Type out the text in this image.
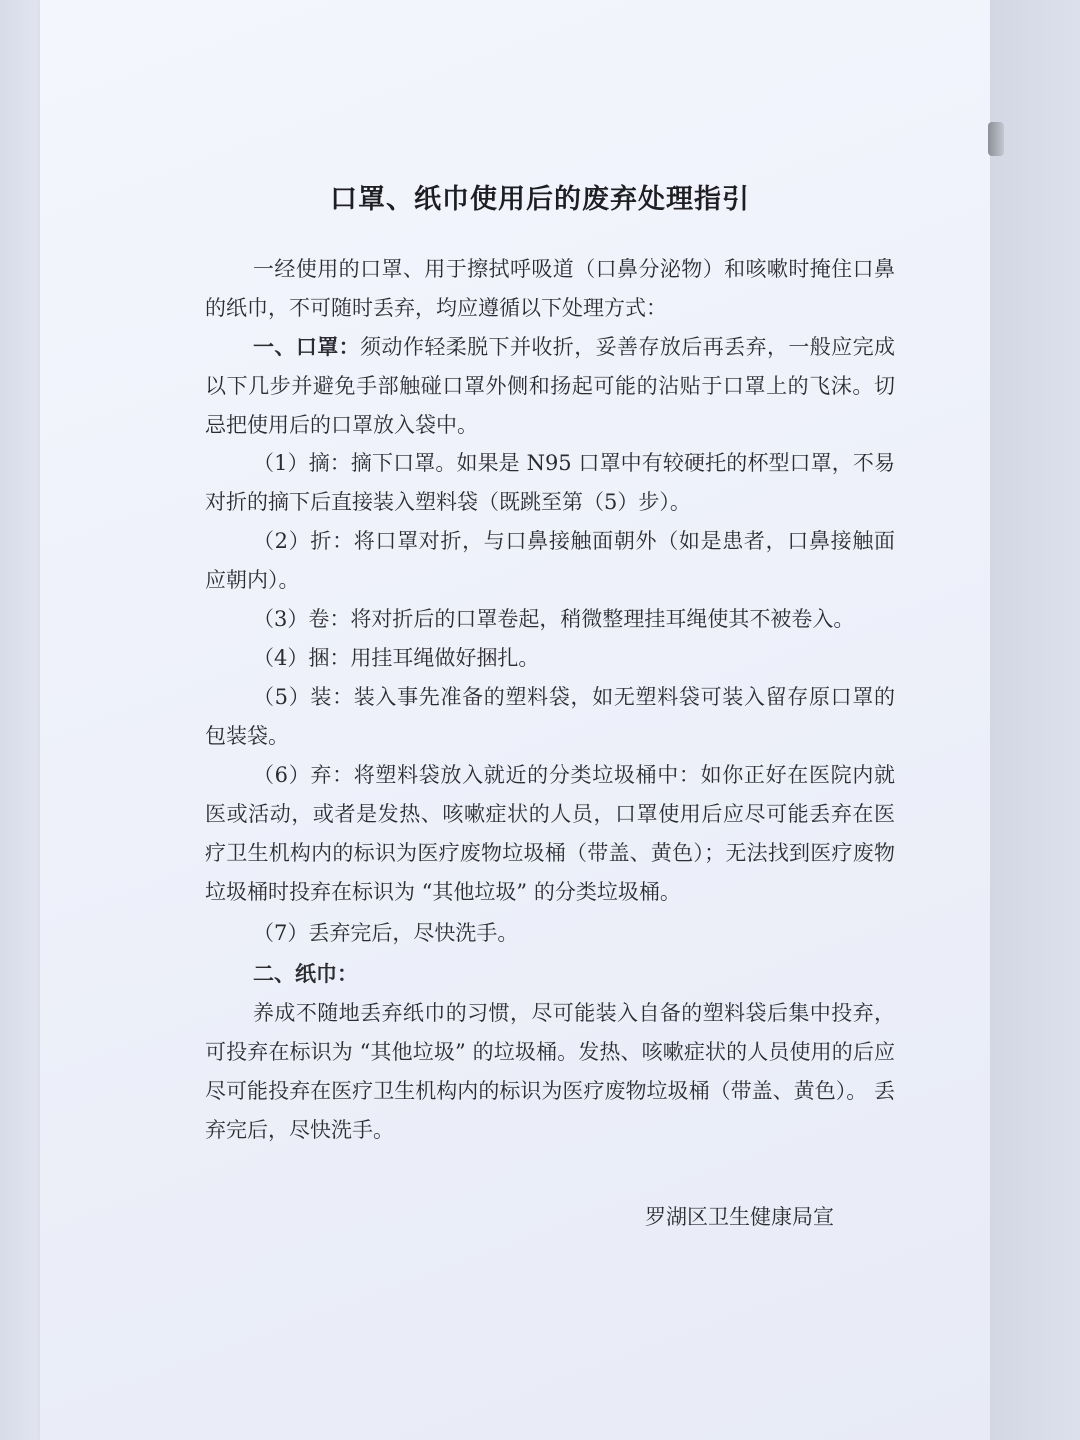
口罩、纸巾使用后的废弃处理指引
一经使用的口罩、用于擦拭呼吸道（口鼻分泌物）和咳嗽时掩住口鼻的纸巾，不可随时丢弃，均应遵循以下处理方式：
一、口罩：须动作轻柔脱下并收折，妥善存放后再丢弃，一般应完成以下几步并避免手部触碰口罩外侧和扬起可能的沾贴于口罩上的飞沫。切忌把使用后的口罩放入袋中。
（1）摘：摘下口罩。如果是 N95 口罩中有较硬托的杯型口罩，不易对折的摘下后直接装入塑料袋（既跳至第（5）步）。
（2）折：将口罩对折，与口鼻接触面朝外（如是患者，口鼻接触面应朝内）。
（3）卷：将对折后的口罩卷起，稍微整理挂耳绳使其不被卷入。
（4）捆：用挂耳绳做好捆扎。
（5）装：装入事先准备的塑料袋，如无塑料袋可装入留存原口罩的包装袋。
（6）弃：将塑料袋放入就近的分类垃圾桶中：如你正好在医院内就医或活动，或者是发热、咳嗽症状的人员，口罩使用后应尽可能丢弃在医疗卫生机构内的标识为医疗废物垃圾桶（带盖、黄色）；无法找到医疗废物垃圾桶时投弃在标识为 “其他垃圾” 的分类垃圾桶。
（7）丢弃完后，尽快洗手。
二、纸巾：
养成不随地丢弃纸巾的习惯，尽可能装入自备的塑料袋后集中投弃，可投弃在标识为 “其他垃圾” 的垃圾桶。发热、咳嗽症状的人员使用的后应尽可能投弃在医疗卫生机构内的标识为医疗废物垃圾桶（带盖、黄色）。 丢弃完后，尽快洗手。
罗湖区卫生健康局宣
